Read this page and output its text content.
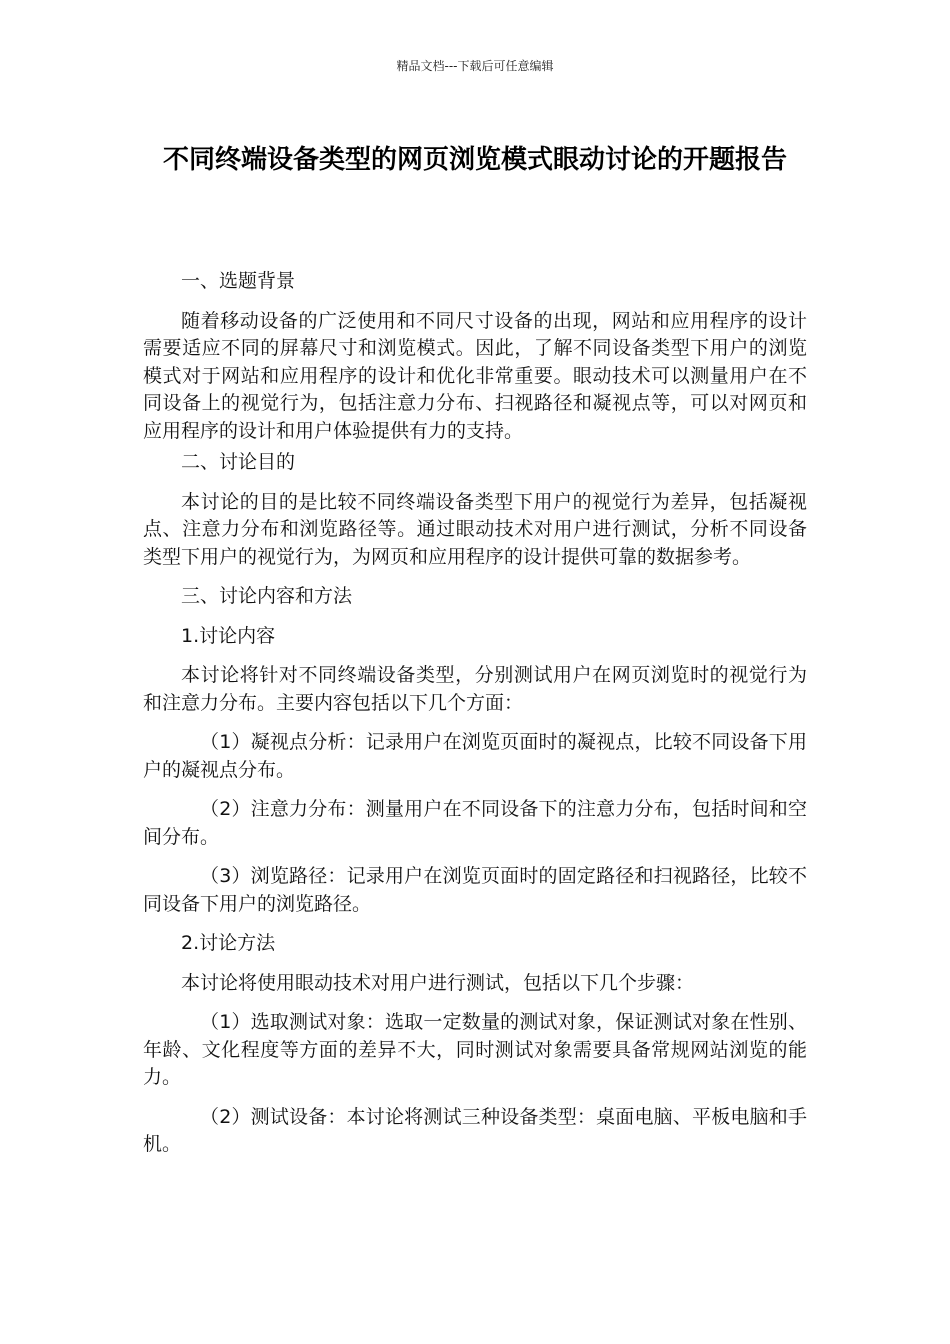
精品文档---下载后可任意编辑
不同终端设备类型的网页浏览模式眼动讨论的开题报告

一、选题背景

随着移动设备的广泛使用和不同尺寸设备的出现，网站和应用程序的设计需要适应不同的屏幕尺寸和浏览模式。因此，了解不同设备类型下用户的浏览模式对于网站和应用程序的设计和优化非常重要。眼动技术可以测量用户在不同设备上的视觉行为，包括注意力分布、扫视路径和凝视点等，可以对网页和应用程序的设计和用户体验提供有力的支持。

二、讨论目的

本讨论的目的是比较不同终端设备类型下用户的视觉行为差异，包括凝视点、注意力分布和浏览路径等。通过眼动技术对用户进行测试，分析不同设备类型下用户的视觉行为，为网页和应用程序的设计提供可靠的数据参考。

三、讨论内容和方法

1.讨论内容

本讨论将针对不同终端设备类型，分别测试用户在网页浏览时的视觉行为和注意力分布。主要内容包括以下几个方面：

（1）凝视点分析：记录用户在浏览页面时的凝视点，比较不同设备下用户的凝视点分布。

（2）注意力分布：测量用户在不同设备下的注意力分布，包括时间和空间分布。

（3）浏览路径：记录用户在浏览页面时的固定路径和扫视路径，比较不同设备下用户的浏览路径。

2.讨论方法

本讨论将使用眼动技术对用户进行测试，包括以下几个步骤：

（1）选取测试对象：选取一定数量的测试对象，保证测试对象在性别、年龄、文化程度等方面的差异不大，同时测试对象需要具备常规网站浏览的能力。

（2）测试设备：本讨论将测试三种设备类型：桌面电脑、平板电脑和手机。
